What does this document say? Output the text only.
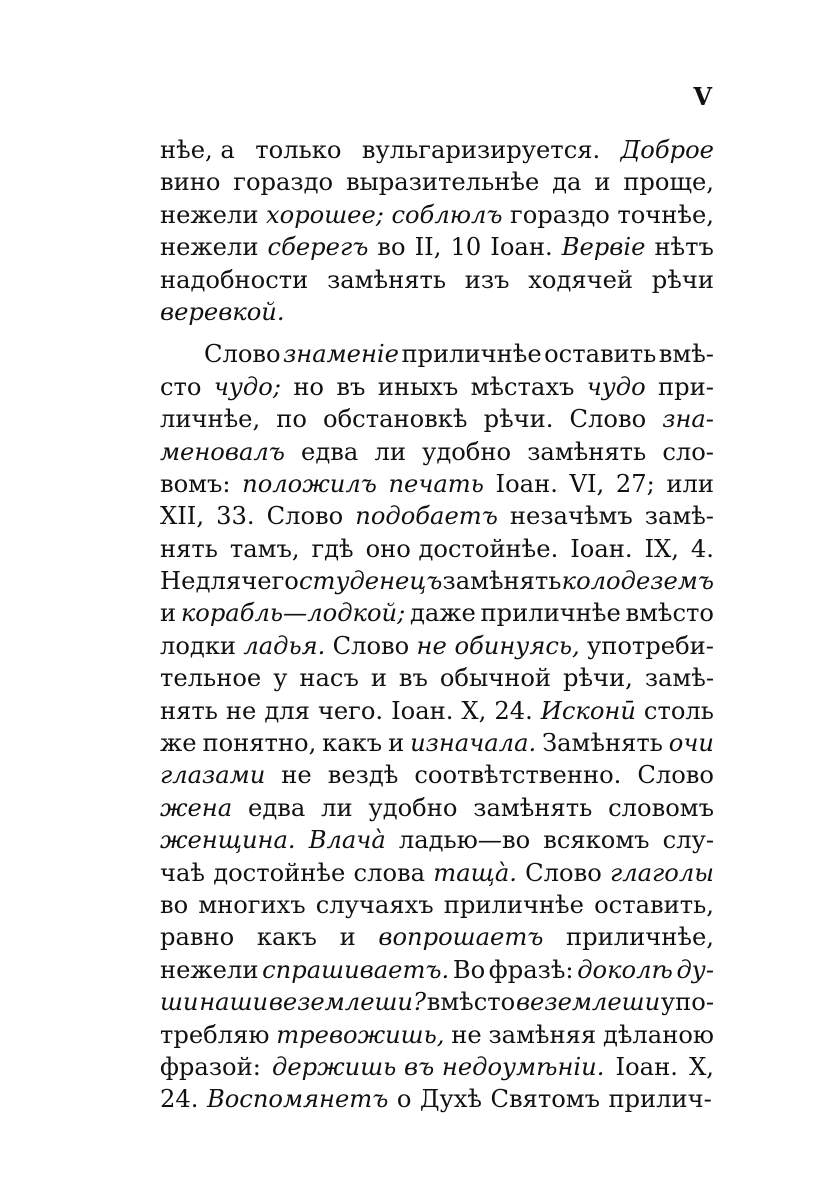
V
нѣе, а только вульгаризируется. Доброе
вино гораздо выразительнѣе да и проще,
нежели хорошее; соблюлъ гораздо точнѣе,
нежели сберегъ во II, 10 Іоан. Вервіе нѣтъ
надобности замѣнять изъ ходячей рѣчи
веревкой.
Слово знаменіе приличнѣе оставить вмѣ-
сто чудо; но въ иныхъ мѣстахъ чудо при-
личнѣе, по обстановкѣ рѣчи. Слово зна-
меновалъ едва ли удобно замѣнять сло-
вомъ: положилъ печать Іоан. VI, 27; или
XII, 33. Слово подобаетъ незачѣмъ замѣ-
нять тамъ, гдѣ оно достойнѣе. Іоан. IX, 4.
Не для чего студенецъ замѣнять колодеземъ
и корабль—лодкой; даже приличнѣе вмѣсто
лодки ладья. Слово не обинуясь, употреби-
тельное у насъ и въ обычной рѣчи, замѣ-
нять не для чего. Іоан. X, 24. Исконӣ столь
же понятно, какъ и изначала. Замѣнять очи
глазами не вездѣ соотвѣтственно. Слово
жена едва ли удобно замѣнять словомъ
женщина. Влача̀ ладью—во всякомъ слу-
чаѣ достойнѣе слова таща̀. Слово глаголы
во многихъ случаяхъ приличнѣе оставить,
равно какъ и вопрошаетъ приличнѣе,
нежели спрашиваетъ. Во фразѣ: доколѣ ду-
ши наши веземлеши? вмѣсто веземлеши упо-
требляю тревожишь, не замѣняя дѣланою
фразой: держишь въ недоумѣніи. Іоан. X,
24. Воспомянетъ о Духѣ Святомъ прилич-
